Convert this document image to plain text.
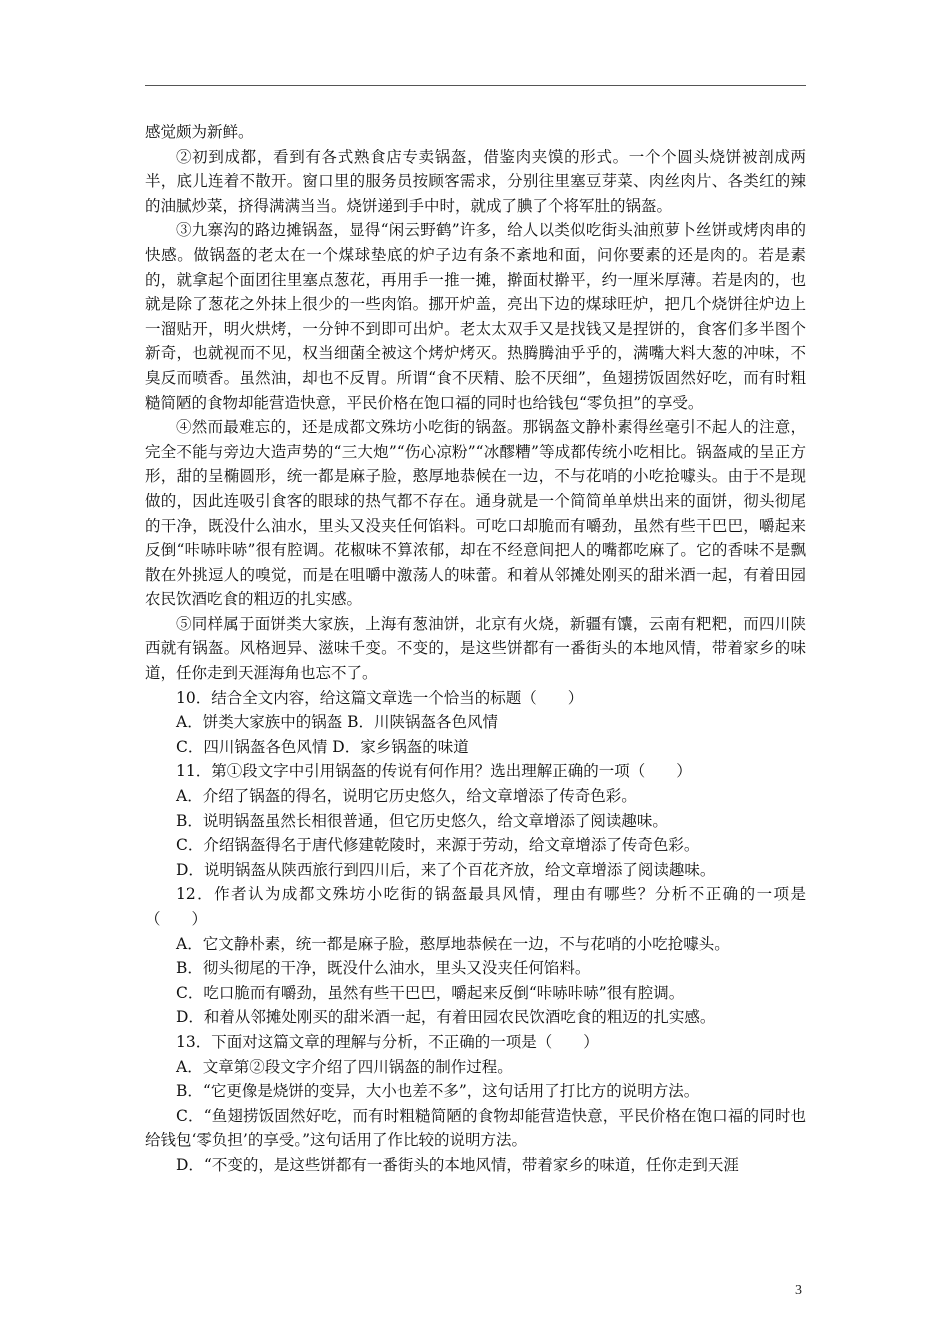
感觉颇为新鲜。

②初到成都，看到有各式熟食店专卖锅盔，借鉴肉夹馍的形式。一个个圆头烧饼被剖成两半，底儿连着不散开。窗口里的服务员按顾客需求，分别往里塞豆芽菜、肉丝肉片、各类红的辣的油腻炒菜，挤得满满当当。烧饼递到手中时，就成了腆了个将军肚的锅盔。

③九寨沟的路边摊锅盔，显得“闲云野鹤”许多，给人以类似吃街头油煎萝卜丝饼或烤肉串的快感。做锅盔的老太在一个煤球垫底的炉子边有条不紊地和面，问你要素的还是肉的。若是素的，就拿起个面团往里塞点葱花，再用手一推一摊，擀面杖擀平，约一厘米厚薄。若是肉的，也就是除了葱花之外抹上很少的一些肉馅。挪开炉盖，亮出下边的煤球旺炉，把几个烧饼往炉边上一溜贴开，明火烘烤，一分钟不到即可出炉。老太太双手又是找钱又是捏饼的，食客们多半图个新奇，也就视而不见，权当细菌全被这个烤炉烤灭。热腾腾油乎乎的，满嘴大料大葱的冲味，不臭反而喷香。虽然油，却也不反胃。所谓“食不厌精、脍不厌细”，鱼翅捞饭固然好吃，而有时粗糙简陋的食物却能营造快意，平民价格在饱口福的同时也给钱包“零负担”的享受。

④然而最难忘的，还是成都文殊坊小吃街的锅盔。那锅盔文静朴素得丝毫引不起人的注意，完全不能与旁边大造声势的“三大炮”“伤心凉粉”“冰醪糟”等成都传统小吃相比。锅盔咸的呈正方形，甜的呈椭圆形，统一都是麻子脸，憨厚地恭候在一边，不与花哨的小吃抢噱头。由于不是现做的，因此连吸引食客的眼球的热气都不存在。通身就是一个简简单单烘出来的面饼，彻头彻尾的干净，既没什么油水，里头又没夹任何馅料。可吃口却脆而有嚼劲，虽然有些干巴巴，嚼起来反倒“咔哧咔哧”很有腔调。花椒味不算浓郁，却在不经意间把人的嘴都吃麻了。它的香味不是飘散在外挑逗人的嗅觉，而是在咀嚼中激荡人的味蕾。和着从邻摊处刚买的甜米酒一起，有着田园农民饮酒吃食的粗迈的扎实感。

⑤同样属于面饼类大家族，上海有葱油饼，北京有火烧，新疆有馕，云南有粑粑，而四川陕西就有锅盔。风格迥异、滋味千变。不变的，是这些饼都有一番街头的本地风情，带着家乡的味道，任你走到天涯海角也忘不了。

10．结合全文内容，给这篇文章选一个恰当的标题（　　）

A．饼类大家族中的锅盔 B．川陕锅盔各色风情

C．四川锅盔各色风情 D．家乡锅盔的味道

11．第①段文字中引用锅盔的传说有何作用？选出理解正确的一项（　　）

A．介绍了锅盔的得名，说明它历史悠久，给文章增添了传奇色彩。

B．说明锅盔虽然长相很普通，但它历史悠久，给文章增添了阅读趣味。

C．介绍锅盔得名于唐代修建乾陵时，来源于劳动，给文章增添了传奇色彩。

D．说明锅盔从陕西旅行到四川后，来了个百花齐放，给文章增添了阅读趣味。

12．作者认为成都文殊坊小吃街的锅盔最具风情，理由有哪些？分析不正确的一项是（　　）

A．它文静朴素，统一都是麻子脸，憨厚地恭候在一边，不与花哨的小吃抢噱头。

B．彻头彻尾的干净，既没什么油水，里头又没夹任何馅料。

C．吃口脆而有嚼劲，虽然有些干巴巴，嚼起来反倒“咔哧咔哧”很有腔调。

D．和着从邻摊处刚买的甜米酒一起，有着田园农民饮酒吃食的粗迈的扎实感。

13．下面对这篇文章的理解与分析，不正确的一项是（　　）

A．文章第②段文字介绍了四川锅盔的制作过程。

B．“它更像是烧饼的变异，大小也差不多”，这句话用了打比方的说明方法。

C．“鱼翅捞饭固然好吃，而有时粗糙简陋的食物却能营造快意，平民价格在饱口福的同时也给钱包‘零负担’的享受。”这句话用了作比较的说明方法。

D．“不变的，是这些饼都有一番街头的本地风情，带着家乡的味道，任你走到天涯

3
